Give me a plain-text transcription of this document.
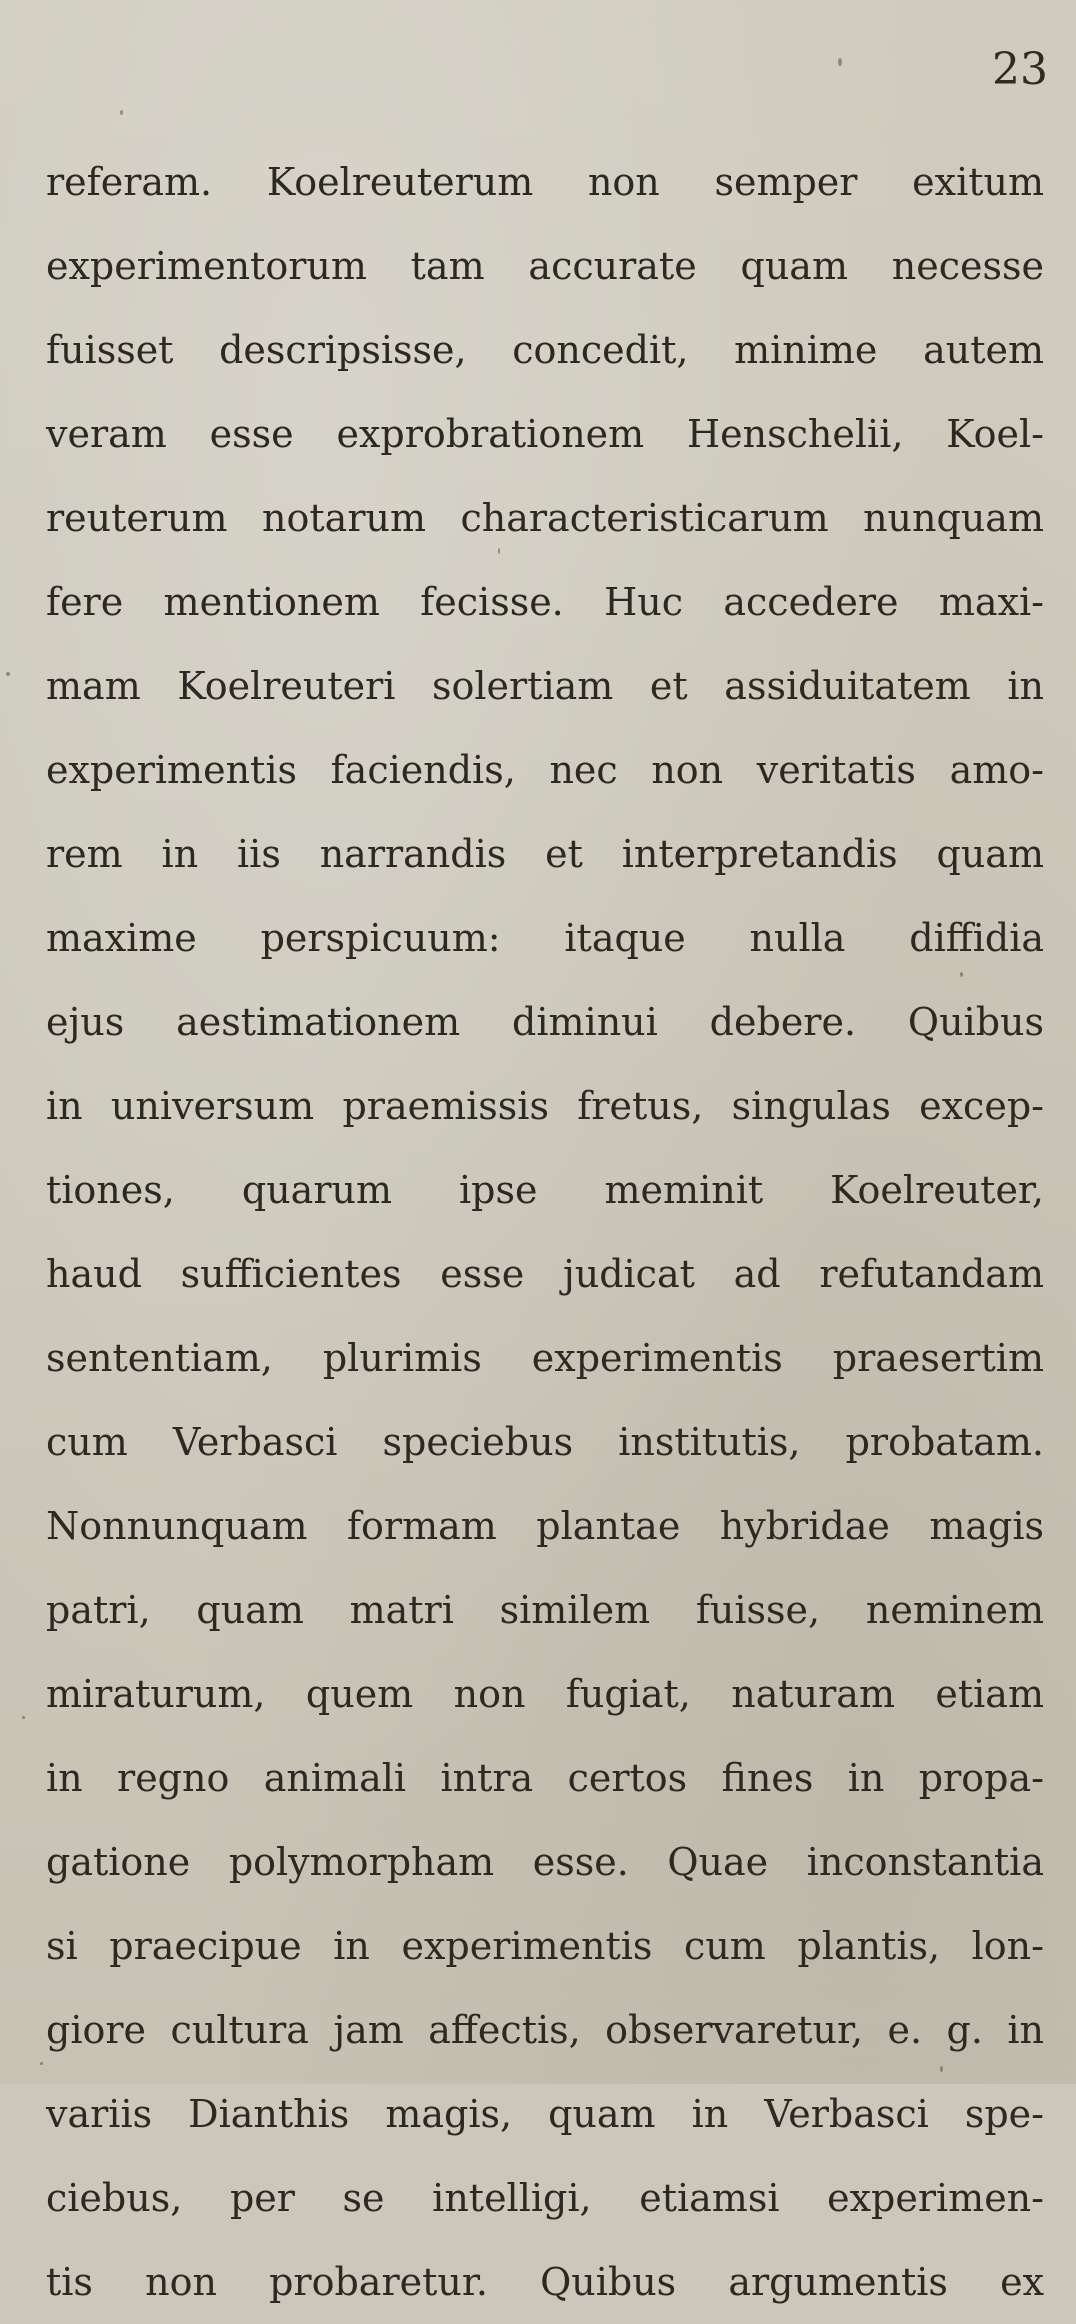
23
referam. Koelreuterum non semper exitum
experimentorum tam accurate quam necesse
fuisset descripsisse, concedit, minime autem
veram esse exprobrationem Henschelii, Koel-
reuterum notarum characteristicarum nunquam
fere mentionem fecisse. Huc accedere maxi-
mam Koelreuteri solertiam et assiduitatem in
experimentis faciendis, nec non veritatis amo-
rem in iis narrandis et interpretandis quam
maxime perspicuum: itaque nulla diffidia
ejus aestimationem diminui debere. Quibus
in universum praemissis fretus, singulas excep-
tiones, quarum ipse meminit Koelreuter,
haud sufficientes esse judicat ad refutandam
sententiam, plurimis experimentis praesertim
cum Verbasci speciebus institutis, probatam.
Nonnunquam formam plantae hybridae magis
patri, quam matri similem fuisse, neminem
miraturum, quem non fugiat, naturam etiam
in regno animali intra certos fines in propa-
gatione polymorpham esse. Quae inconstantia
si praecipue in experimentis cum plantis, lon-
giore cultura jam affectis, observaretur, e. g. in
variis Dianthis magis, quam in Verbasci spe-
ciebus, per se intelligi, etiamsi experimen-
tis non probaretur. Quibus argumentis ex
